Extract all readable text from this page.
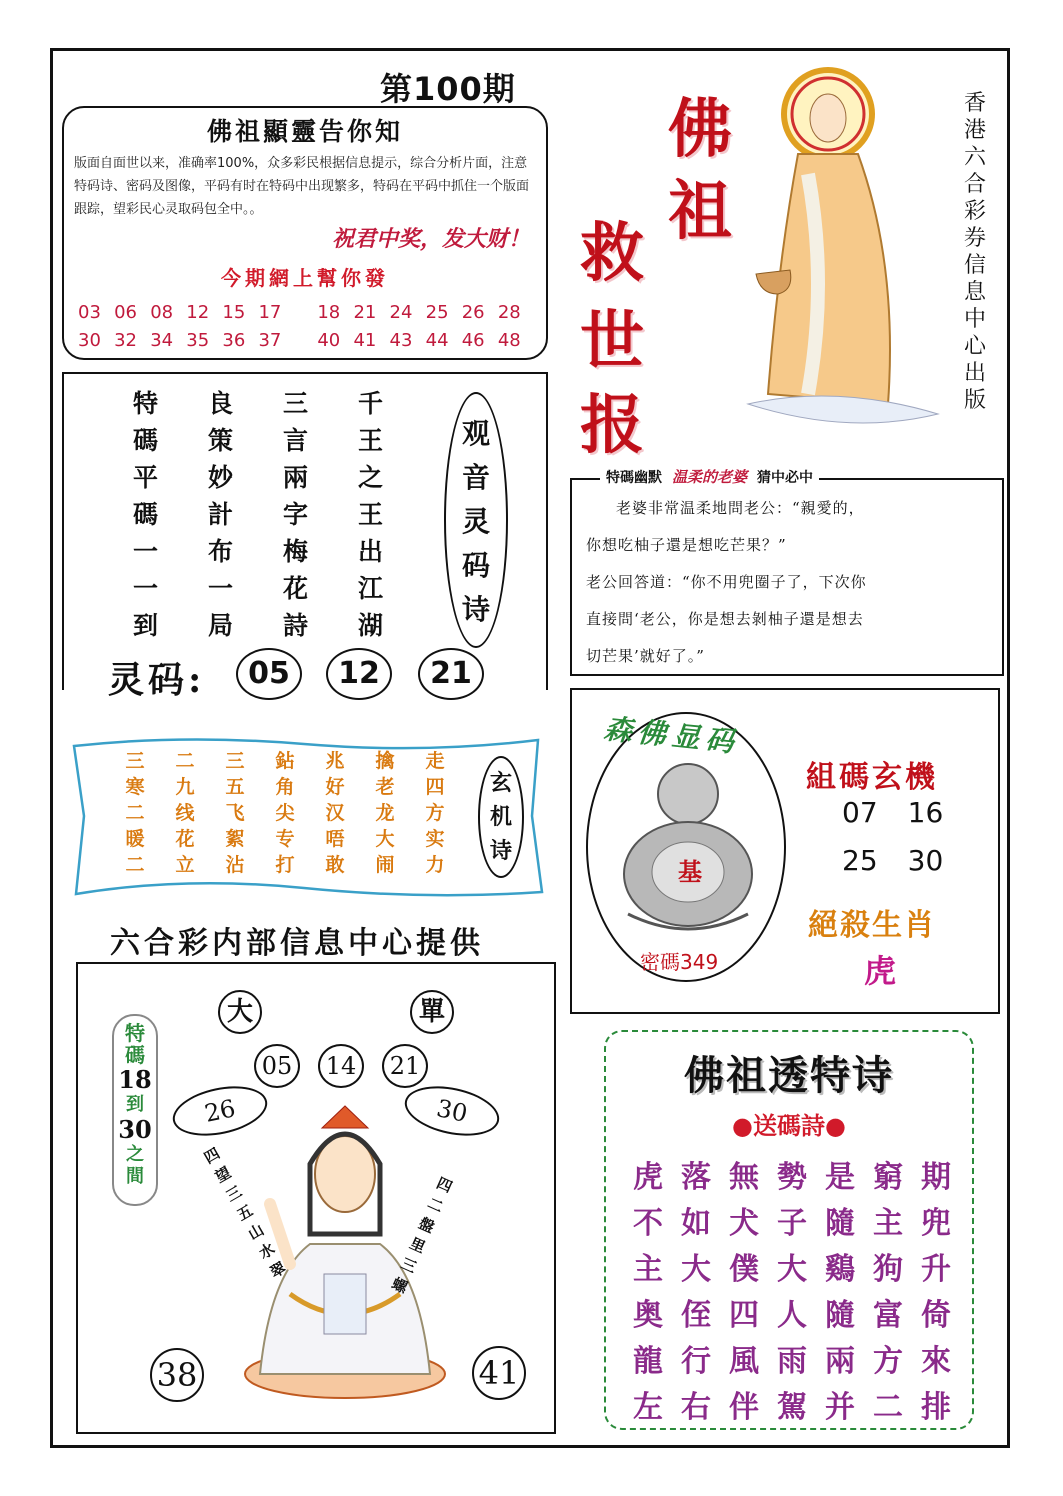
第100期
佛祖顯靈告你知
版面自面世以来，准确率100%，众多彩民根据信息提示，综合分析片面，注意特码诗、密码及图像，平码有时在特码中出现繁多，特码在平码中抓住一个版面跟踪，望彩民心灵取码包全中。。
祝君中奖，发大财！
今期網上幫你發
03 06 08 12 15 17	18 21 24 25 26 28
30 32 34 35 36 37	40 41 43 44 46 48
特	良	三	千
碼	策	言	王
平	妙	兩	之
碼	計	字	王
一	布	梅	出
一	一	花	江
到	局	詩	湖
观
音
灵
码
诗
灵码:	05	12	21
三	二	三	鉆	兆	擒	走
寒	九	五	角	好	老	四
二	线	飞	尖	汉	龙	方
暖	花	絮	专	唔	大	实
二	立	沾	打	敢	闹	力
玄
机
诗
六合彩内部信息中心提供
特碼
18
到
30
之間
大	單
05	14	21
26	30
四望三五山水翠
四二盤里三螺
38	41
佛
祖
救
世
报
香港六合彩券信息中心出版
特碼幽默 温柔的老婆 猜中必中
老婆非常温柔地問老公：“親愛的，
你想吃柚子還是想吃芒果？”
老公回答道：“你不用兜圈子了，下次你
直接問‘老公，你是想去剝柚子還是想去
切芒果’就好了。”
森佛显码
基
密碼349
組碼玄機
07 16
25 30
絕殺生肖
虎
佛祖透特诗
●送碼詩●
虎 落 無 勢 是 窮 期
不 如 犬 子 隨 主 兜
主 大 僕 大 鷄 狗 升
奥 侄 四 人 隨 富 倚
龍 行 風 雨 兩 方 來
左 右 伴 駕 并 二 排
